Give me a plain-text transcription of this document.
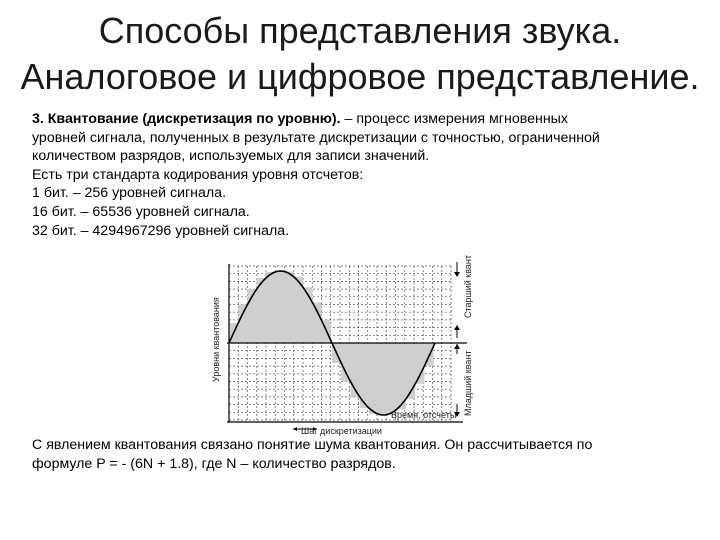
Способы представления звука.
Аналоговое и цифровое представление.
3. Квантование (дискретизация по уровню). – процесс измерения мгновенных
уровней сигнала, полученных в результате дискретизации с точностью, ограниченной
количеством разрядов, используемых для записи значений.
Есть три стандарта кодирования уровня отсчетов:
1 бит. – 256 уровней сигнала.
16 бит. – 65536 уровней сигнала.
32 бит. – 4294967296 уровней сигнала.
Уровни квантования
Время, отсчеты
Шаг дискретизации
Старший квант
Младший квант
С явлением квантования связано понятие шума квантования. Он рассчитывается по
формуле P = - (6N + 1.8), где N – количество разрядов.
